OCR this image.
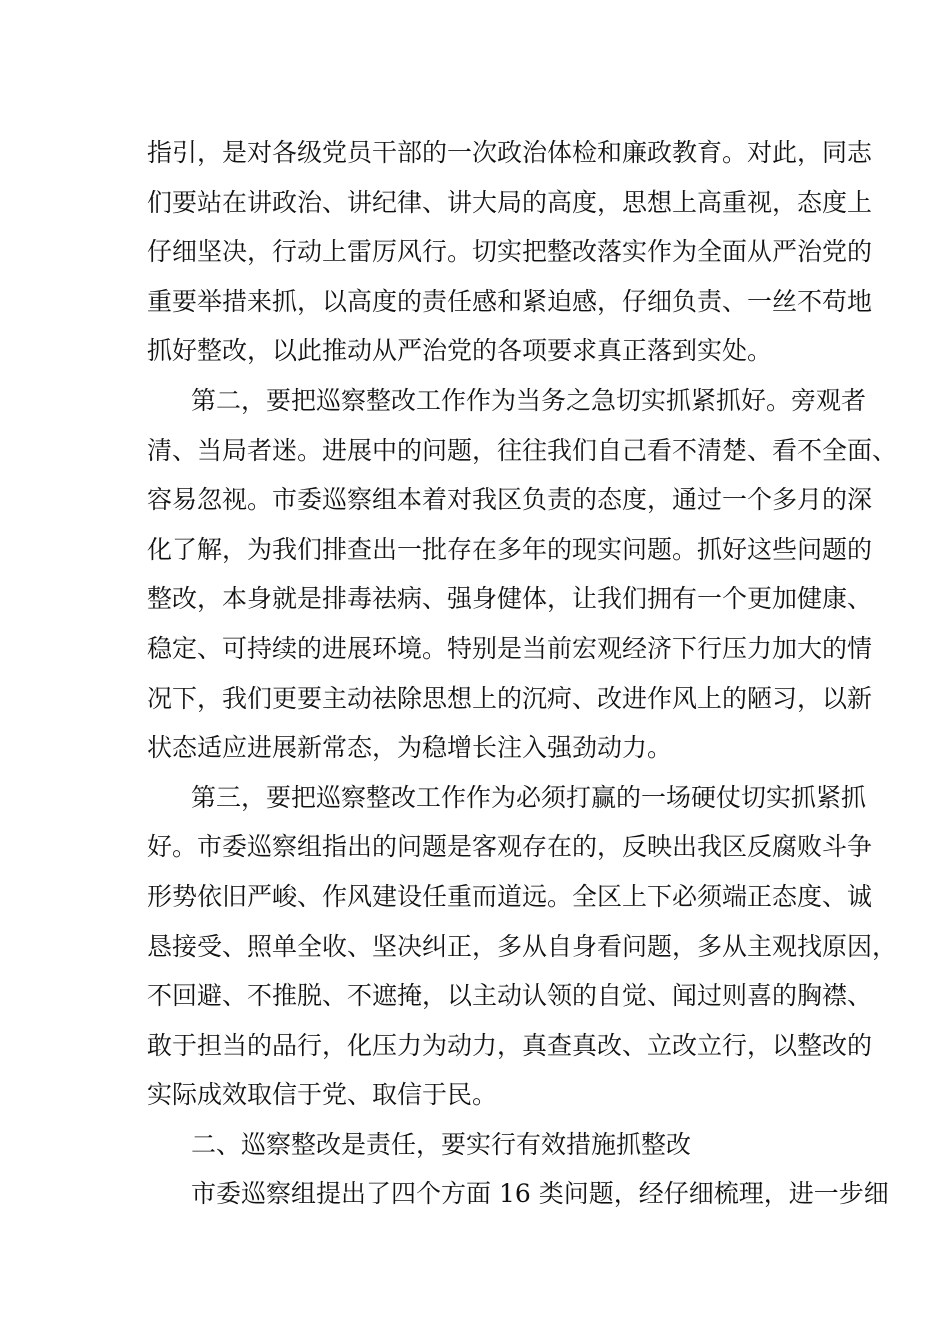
指引，是对各级党员干部的一次政治体检和廉政教育。对此，同志
们要站在讲政治、讲纪律、讲大局的高度，思想上高重视，态度上
仔细坚决，行动上雷厉风行。切实把整改落实作为全面从严治党的
重要举措来抓，以高度的责任感和紧迫感，仔细负责、一丝不苟地
抓好整改，以此推动从严治党的各项要求真正落到实处。
第二，要把巡察整改工作作为当务之急切实抓紧抓好。旁观者
清、当局者迷。进展中的问题，往往我们自己看不清楚、看不全面、
容易忽视。市委巡察组本着对我区负责的态度，通过一个多月的深
化了解，为我们排查出一批存在多年的现实问题。抓好这些问题的
整改，本身就是排毒祛病、强身健体，让我们拥有一个更加健康、
稳定、可持续的进展环境。特别是当前宏观经济下行压力加大的情
况下，我们更要主动祛除思想上的沉疴、改进作风上的陋习，以新
状态适应进展新常态，为稳增长注入强劲动力。
第三，要把巡察整改工作作为必须打赢的一场硬仗切实抓紧抓
好。市委巡察组指出的问题是客观存在的，反映出我区反腐败斗争
形势依旧严峻、作风建设任重而道远。全区上下必须端正态度、诚
恳接受、照单全收、坚决纠正，多从自身看问题，多从主观找原因，
不回避、不推脱、不遮掩，以主动认领的自觉、闻过则喜的胸襟、
敢于担当的品行，化压力为动力，真查真改、立改立行，以整改的
实际成效取信于党、取信于民。
二、巡察整改是责任，要实行有效措施抓整改
市委巡察组提出了四个方面 16 类问题，经仔细梳理，进一步细
